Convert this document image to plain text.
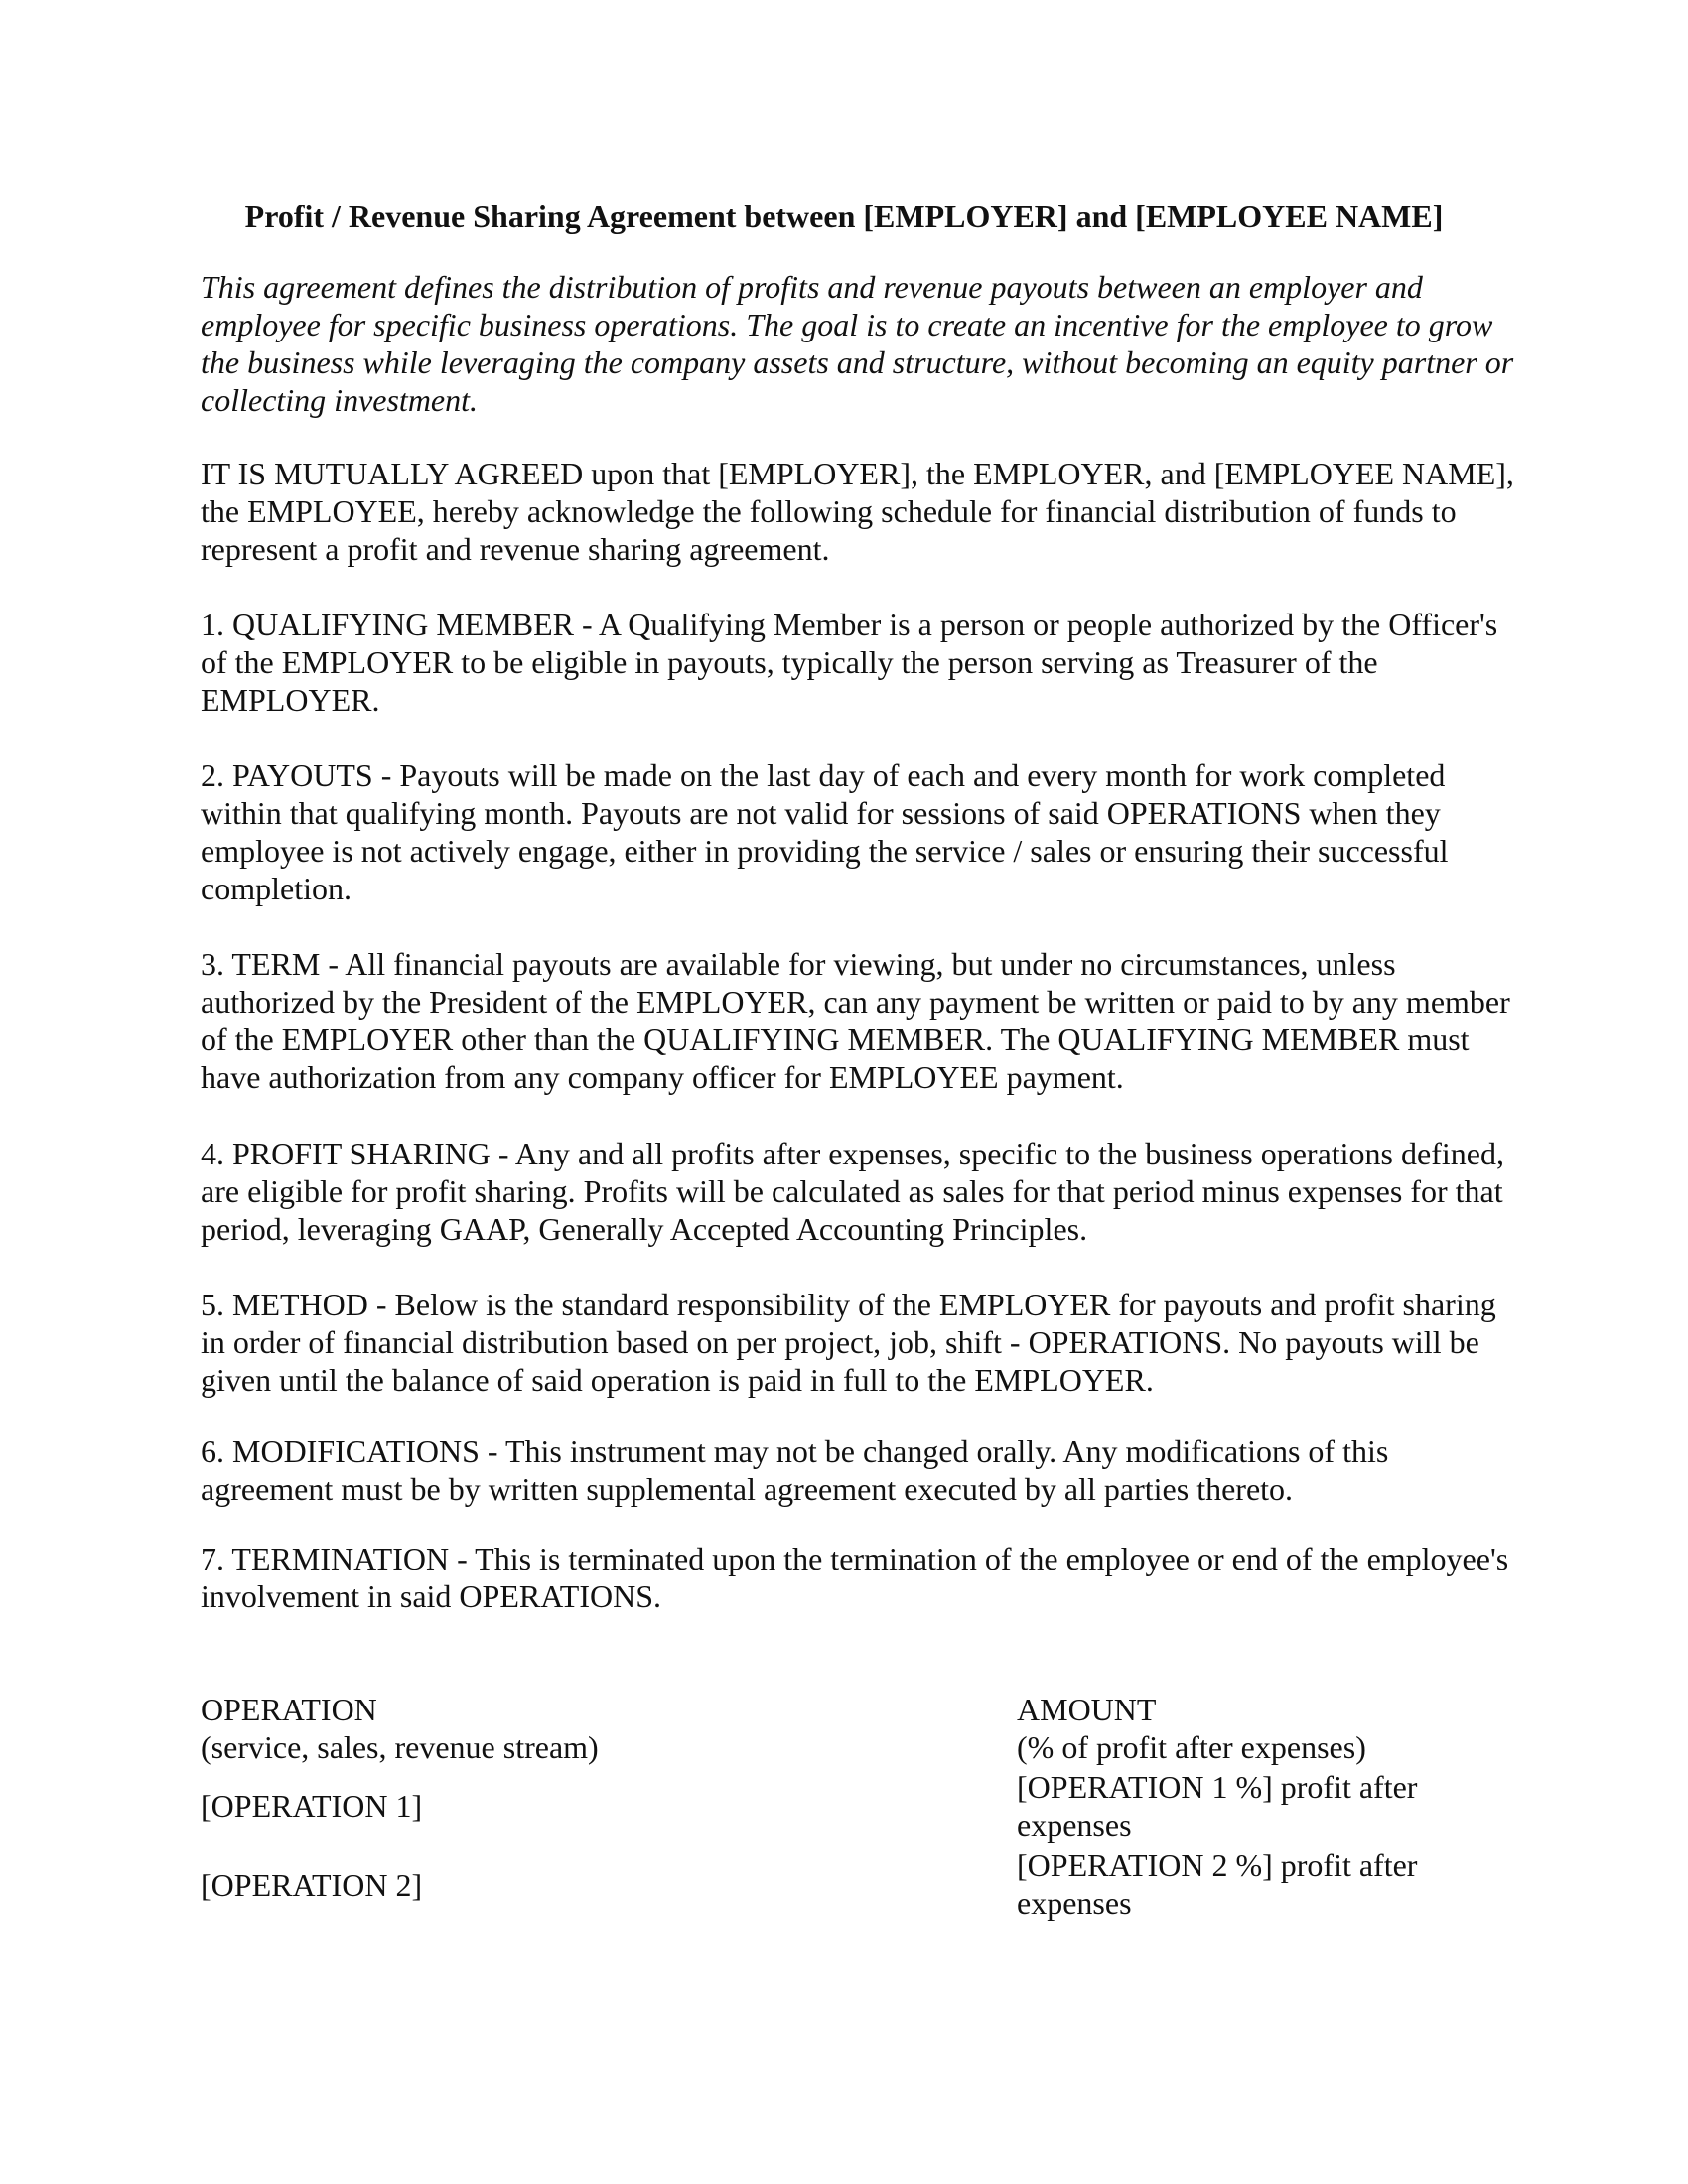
Profit / Revenue Sharing Agreement between [EMPLOYER] and [EMPLOYEE NAME]

This agreement defines the distribution of profits and revenue payouts between an employer and employee for specific business operations. The goal is to create an incentive for the employee to grow the business while leveraging the company assets and structure, without becoming an equity partner or collecting investment.

IT IS MUTUALLY AGREED upon that [EMPLOYER], the EMPLOYER, and [EMPLOYEE NAME], the EMPLOYEE, hereby acknowledge the following schedule for financial distribution of funds to represent a profit and revenue sharing agreement.

1. QUALIFYING MEMBER - A Qualifying Member is a person or people authorized by the Officer's of the EMPLOYER to be eligible in payouts, typically the person serving as Treasurer of the EMPLOYER.

2. PAYOUTS - Payouts will be made on the last day of each and every month for work completed within that qualifying month. Payouts are not valid for sessions of said OPERATIONS when they employee is not actively engage, either in providing the service / sales or ensuring their successful completion.

3. TERM - All financial payouts are available for viewing, but under no circumstances, unless authorized by the President of the EMPLOYER, can any payment be written or paid to by any member of the EMPLOYER other than the QUALIFYING MEMBER. The QUALIFYING MEMBER must have authorization from any company officer for EMPLOYEE payment.

4. PROFIT SHARING - Any and all profits after expenses, specific to the business operations defined, are eligible for profit sharing. Profits will be calculated as sales for that period minus expenses for that period, leveraging GAAP, Generally Accepted Accounting Principles.

5. METHOD - Below is the standard responsibility of the EMPLOYER for payouts and profit sharing in order of financial distribution based on per project, job, shift - OPERATIONS. No payouts will be given until the balance of said operation is paid in full to the EMPLOYER.

6. MODIFICATIONS - This instrument may not be changed orally. Any modifications of this agreement must be by written supplemental agreement executed by all parties thereto.

7. TERMINATION - This is terminated upon the termination of the employee or end of the employee's involvement in said OPERATIONS.

OPERATION

(service, sales, revenue stream)

AMOUNT

(% of profit after expenses)

[OPERATION 1]

[OPERATION 1 %] profit after expenses

[OPERATION 2]

[OPERATION 2 %] profit after expenses
